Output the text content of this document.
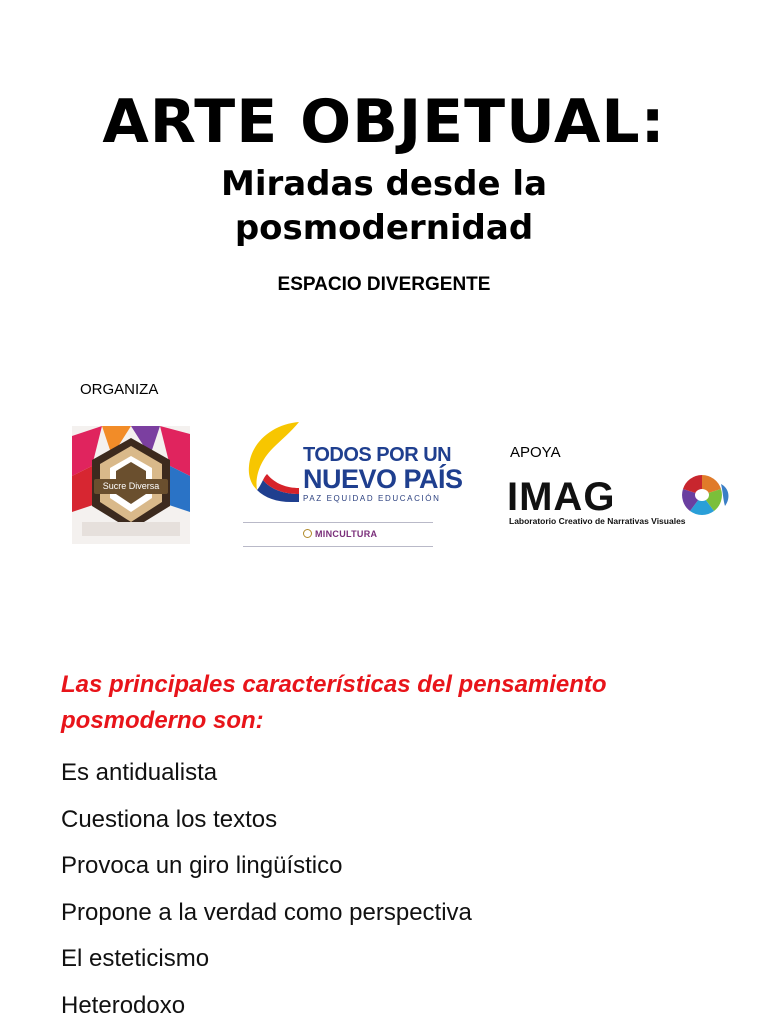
ARTE OBJETUAL:
Miradas desde la posmodernidad
ESPACIO DIVERGENTE
ORGANIZA
APOYA
Sucre Diversa
TODOS POR UN
NUEVO PAÍS
PAZ EQUIDAD EDUCACIÓN
MINCULTURA
IMAG
Laboratorio Creativo de Narrativas Visuales
Las principales características del pensamiento posmoderno son:
Es antidualista
Cuestiona los textos
Provoca un giro lingüístico
Propone a la verdad como perspectiva
El esteticismo
Heterodoxo
